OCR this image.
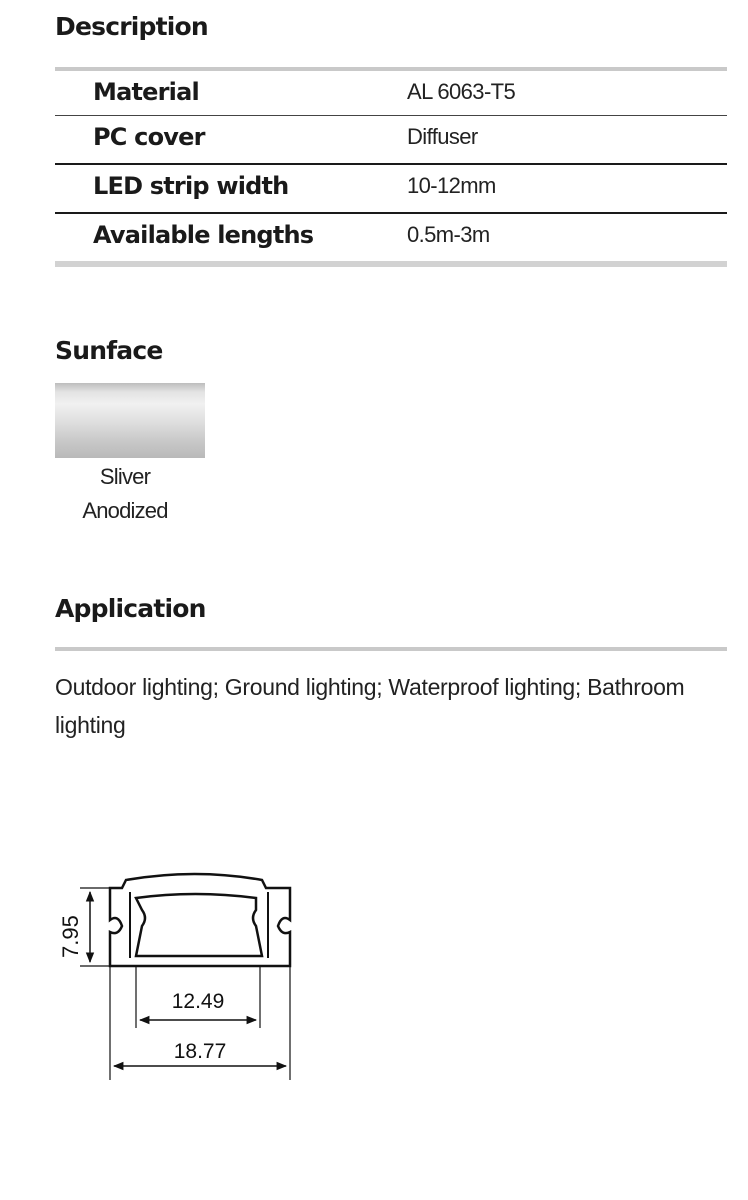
Description
Material	AL 6063-T5
PC cover	Diffuser
LED strip width	10-12mm
Available lengths	0.5m-3m
Sunface
Sliver
Anodized
Application
Outdoor lighting; Ground lighting; Waterproof lighting; Bathroom lighting
7.95
12.49
18.77
